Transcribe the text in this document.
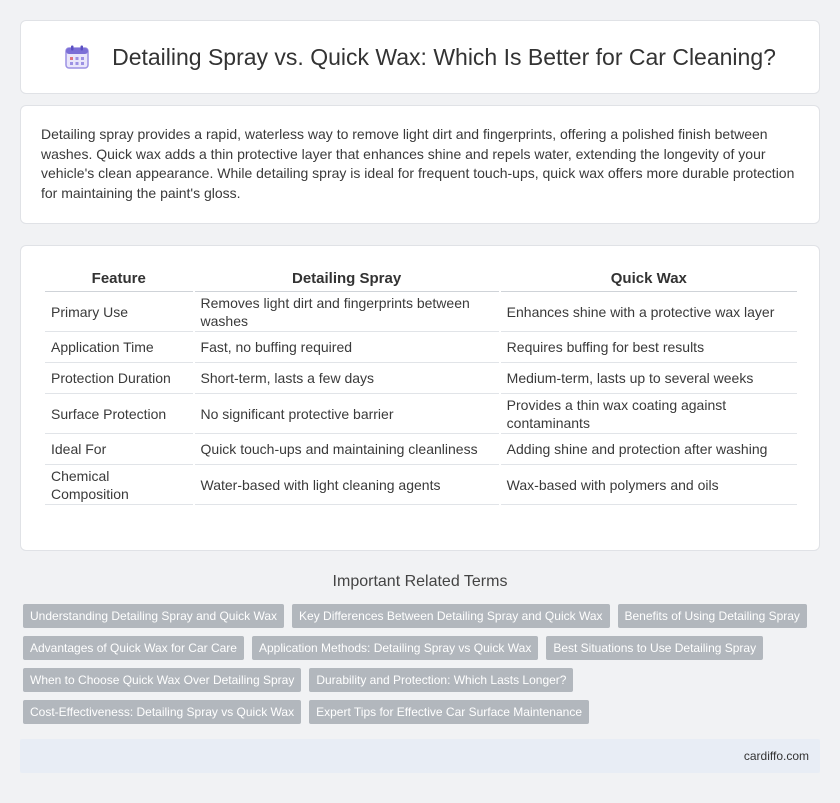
Detailing Spray vs. Quick Wax: Which Is Better for Car Cleaning?

Detailing spray provides a rapid, waterless way to remove light dirt and fingerprints, offering a polished finish between washes. Quick wax adds a thin protective layer that enhances shine and repels water, extending the longevity of your vehicle's clean appearance. While detailing spray is ideal for frequent touch-ups, quick wax offers more durable protection for maintaining the paint's gloss.

Feature	Detailing Spray	Quick Wax
Primary Use	Removes light dirt and fingerprints between washes	Enhances shine with a protective wax layer
Application Time	Fast, no buffing required	Requires buffing for best results
Protection Duration	Short-term, lasts a few days	Medium-term, lasts up to several weeks
Surface Protection	No significant protective barrier	Provides a thin wax coating against contaminants
Ideal For	Quick touch-ups and maintaining cleanliness	Adding shine and protection after washing
Chemical Composition	Water-based with light cleaning agents	Wax-based with polymers and oils
Important Related Terms
Understanding Detailing Spray and Quick Wax	Key Differences Between Detailing Spray and Quick Wax	Benefits of Using Detailing Spray
Advantages of Quick Wax for Car Care	Application Methods: Detailing Spray vs Quick Wax	Best Situations to Use Detailing Spray
When to Choose Quick Wax Over Detailing Spray	Durability and Protection: Which Lasts Longer?
Cost-Effectiveness: Detailing Spray vs Quick Wax	Expert Tips for Effective Car Surface Maintenance
cardiffo.com
